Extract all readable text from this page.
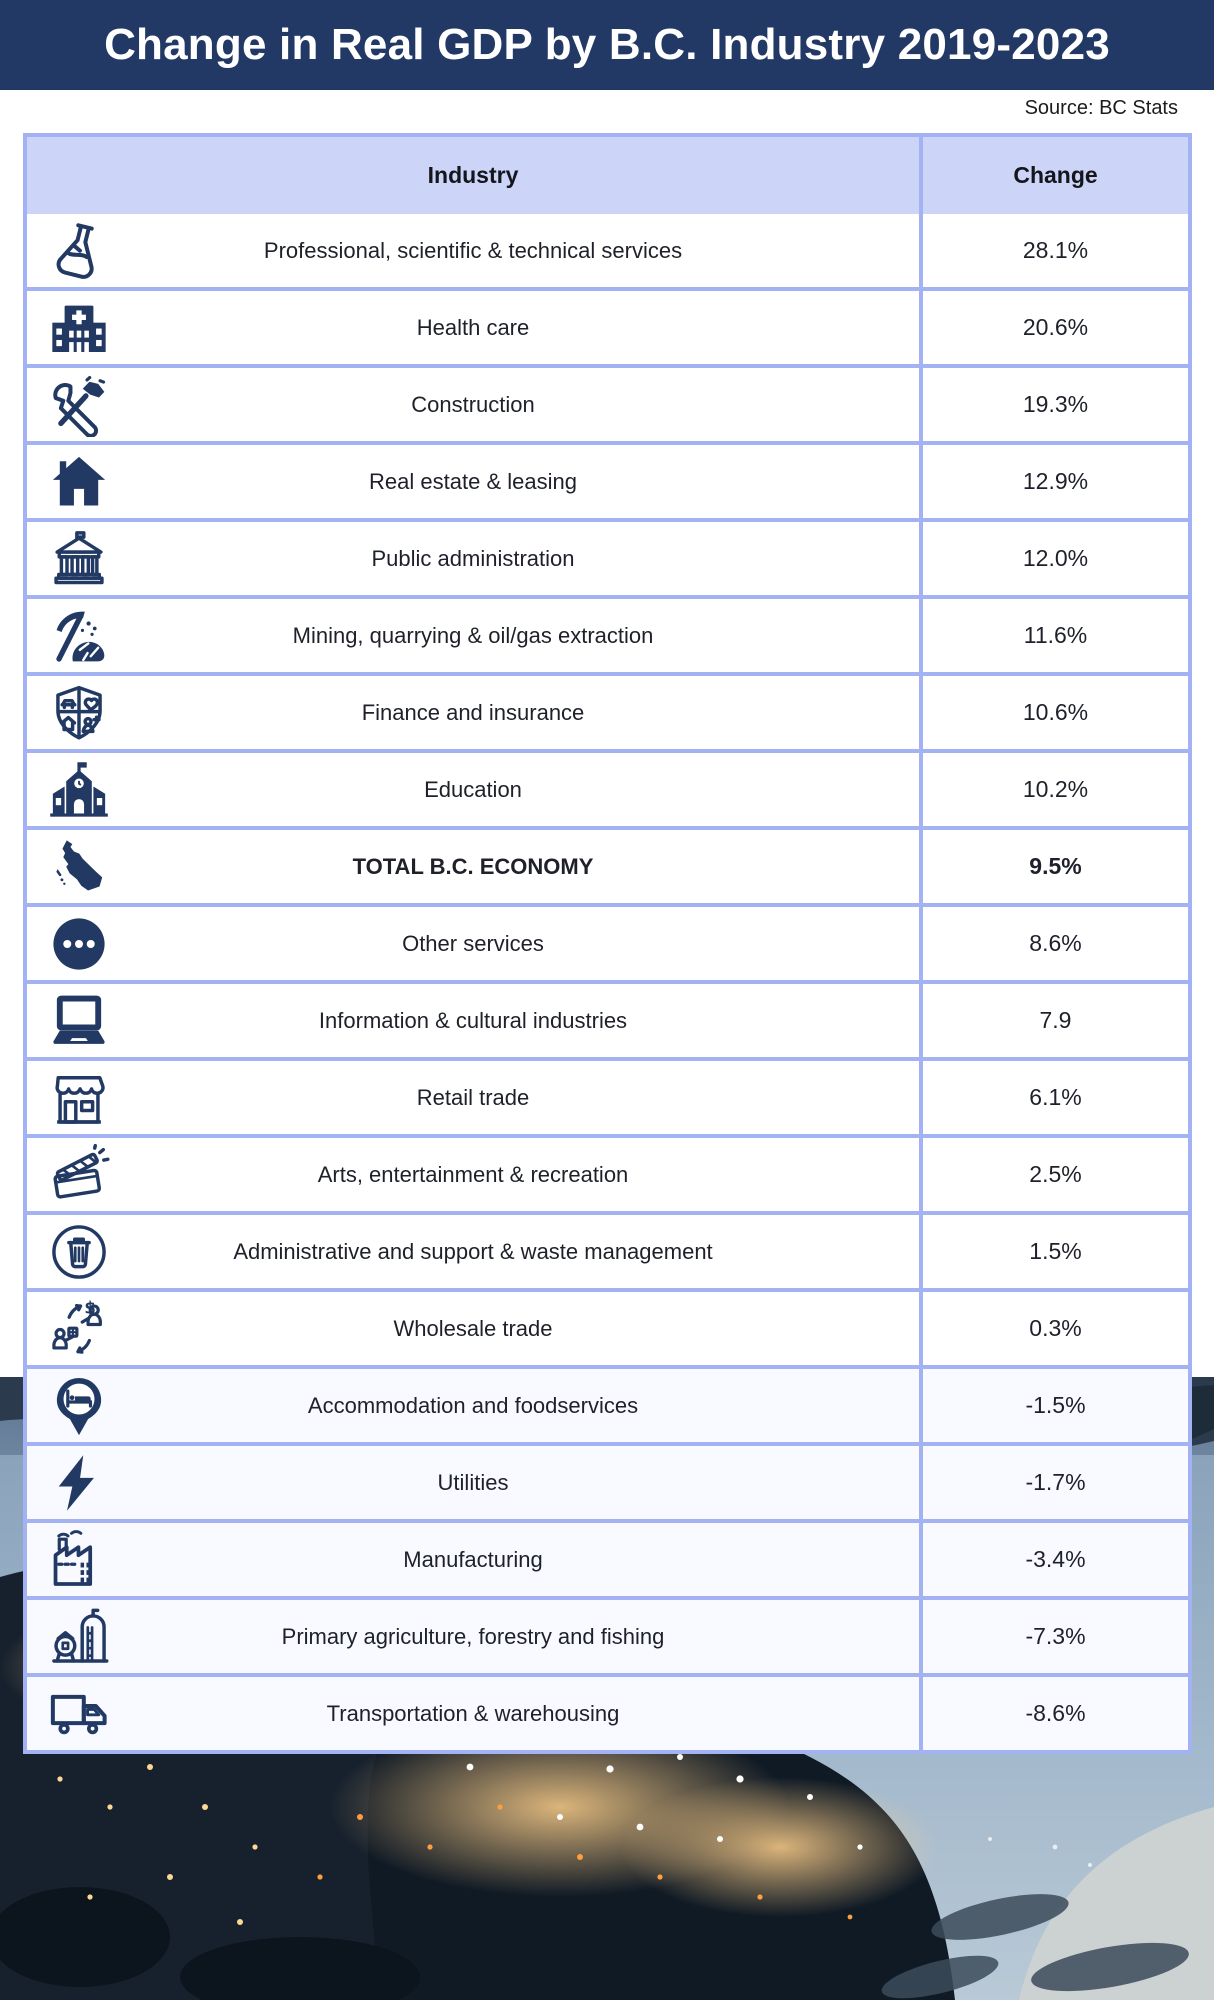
Change in Real GDP by B.C. Industry 2019-2023
Source: BC Stats
Industry	Change
Professional, scientific & technical services	28.1%
Health care	20.6%
Construction	19.3%
Real estate & leasing	12.9%
Public administration	12.0%
Mining, quarrying & oil/gas extraction	11.6%
Finance and insurance	10.6%
Education	10.2%
TOTAL B.C. ECONOMY	9.5%
Other services	8.6%
Information & cultural industries	7.9
Retail trade	6.1%
Arts, entertainment & recreation	2.5%
Administrative and support & waste management	1.5%
Wholesale trade	0.3%
Accommodation and foodservices	-1.5%
Utilities	-1.7%
Manufacturing	-3.4%
Primary agriculture, forestry and fishing	-7.3%
Transportation & warehousing	-8.6%
